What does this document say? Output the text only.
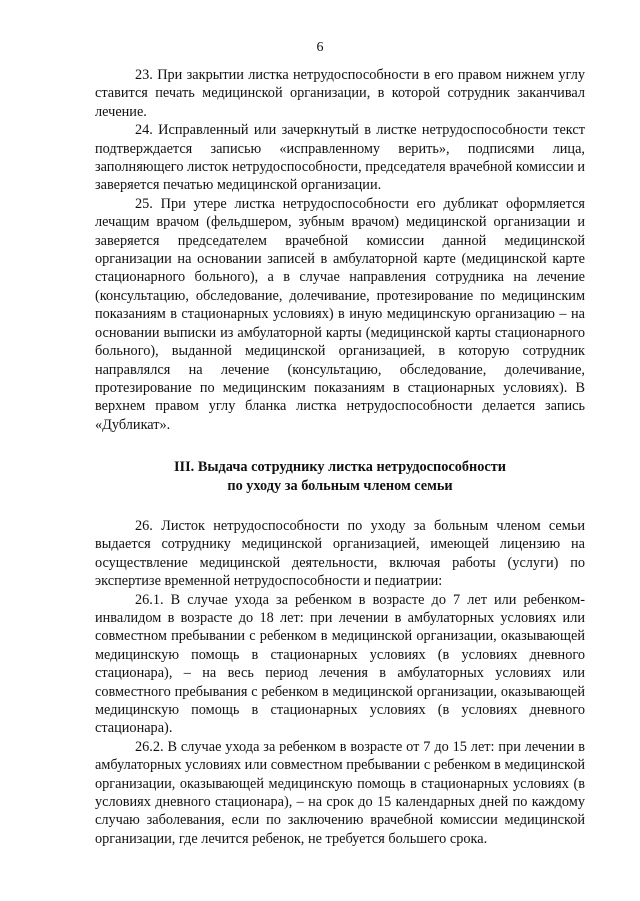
6

23. При закрытии листка нетрудоспособности в его правом нижнем углу ставится печать медицинской организации, в которой сотрудник заканчивал лечение.

24. Исправленный или зачеркнутый в листке нетрудоспособности текст подтверждается записью «исправленному верить», подписями лица, заполняющего листок нетрудоспособности, председателя врачебной комиссии и заверяется печатью медицинской организации.

25. При утере листка нетрудоспособности его дубликат оформляется лечащим врачом (фельдшером, зубным врачом) медицинской организации и заверяется председателем врачебной комиссии данной медицинской организации на основании записей в амбулаторной карте (медицинской карте стационарного больного), а в случае направления сотрудника на лечение (консультацию, обследование, долечивание, протезирование по медицинским показаниям в стационарных условиях) в иную медицинскую организацию – на основании выписки из амбулаторной карты (медицинской карты стационарного больного), выданной медицинской организацией, в которую сотрудник направлялся на лечение (консультацию, обследование, долечивание, протезирование по медицинским показаниям в стационарных условиях). В верхнем правом углу бланка листка нетрудоспособности делается запись «Дубликат».

III. Выдача сотруднику листка нетрудоспособности
по уходу за больным членом семьи

26. Листок нетрудоспособности по уходу за больным членом семьи выдается сотруднику медицинской организацией, имеющей лицензию на осуществление медицинской деятельности, включая работы (услуги) по экспертизе временной нетрудоспособности и педиатрии:

26.1. В случае ухода за ребенком в возрасте до 7 лет или ребенком-инвалидом в возрасте до 18 лет: при лечении в амбулаторных условиях или совместном пребывании с ребенком в медицинской организации, оказывающей медицинскую помощь в стационарных условиях (в условиях дневного стационара), – на весь период лечения в амбулаторных условиях или совместного пребывания с ребенком в медицинской организации, оказывающей медицинскую помощь в стационарных условиях (в условиях дневного стационара).

26.2. В случае ухода за ребенком в возрасте от 7 до 15 лет: при лечении в амбулаторных условиях или совместном пребывании с ребенком в медицинской организации, оказывающей медицинскую помощь в стационарных условиях (в условиях дневного стационара), – на срок до 15 календарных дней по каждому случаю заболевания, если по заключению врачебной комиссии медицинской организации, где лечится ребенок, не требуется большего срока.
